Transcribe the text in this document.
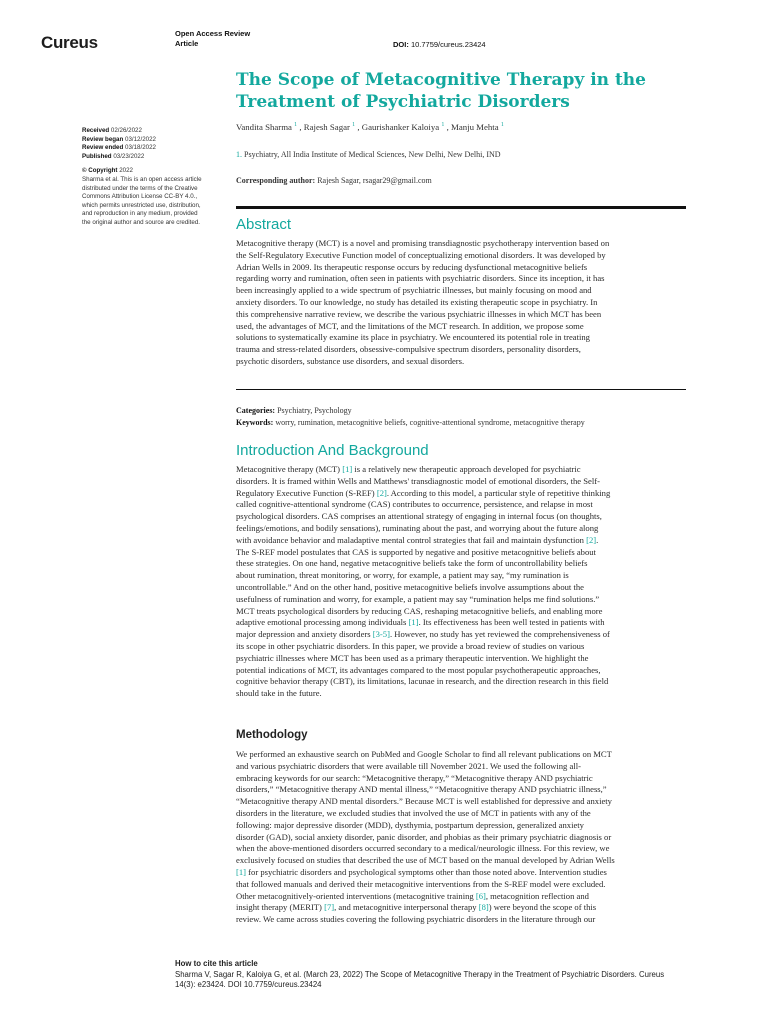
Cureus	Open Access Review
Article	DOI: 10.7759/cureus.23424
Received 02/26/2022
Review began 03/12/2022
Review ended 03/18/2022
Published 03/23/2022
© Copyright 2022
Sharma et al. This is an open access article
distributed under the terms of the Creative
Commons Attribution License CC-BY 4.0.,
which permits unrestricted use, distribution,
and reproduction in any medium, provided
the original author and source are credited.
The Scope of Metacognitive Therapy in the
Treatment of Psychiatric Disorders
Vandita Sharma $^1$ , Rajesh Sagar $^1$ , Gaurishanker Kaloiya $^1$ , Manju Mehta $^1$
1. Psychiatry, All India Institute of Medical Sciences, New Delhi, New Delhi, IND
Corresponding author: Rajesh Sagar, rsagar29@gmail.com
Abstract
Metacognitive therapy (MCT) is a novel and promising transdiagnostic psychotherapy intervention based on
the Self-Regulatory Executive Function model of conceptualizing emotional disorders. It was developed by
Adrian Wells in 2009. Its therapeutic response occurs by reducing dysfunctional metacognitive beliefs
regarding worry and rumination, often seen in patients with psychiatric disorders. Since its inception, it has
been increasingly applied to a wide spectrum of psychiatric illnesses, but mainly focusing on mood and
anxiety disorders. To our knowledge, no study has detailed its existing therapeutic scope in psychiatry. In
this comprehensive narrative review, we describe the various psychiatric illnesses in which MCT has been
used, the advantages of MCT, and the limitations of the MCT research. In addition, we propose some
solutions to systematically examine its place in psychiatry. We encountered its potential role in treating
trauma and stress-related disorders, obsessive-compulsive spectrum disorders, personality disorders,
psychotic disorders, substance use disorders, and sexual disorders.
Categories: Psychiatry, Psychology
Keywords: worry, rumination, metacognitive beliefs, cognitive-attentional syndrome, metacognitive therapy
Introduction And Background
Metacognitive therapy (MCT) [1] is a relatively new therapeutic approach developed for psychiatric
disorders. It is framed within Wells and Matthews' transdiagnostic model of emotional disorders, the Self-
Regulatory Executive Function (S-REF) [2]. According to this model, a particular style of repetitive thinking
called cognitive-attentional syndrome (CAS) contributes to occurrence, persistence, and relapse in most
psychological disorders. CAS comprises an attentional strategy of engaging in internal focus (on thoughts,
feelings/emotions, and bodily sensations), ruminating about the past, and worrying about the future along
with avoidance behavior and maladaptive mental control strategies that fail and maintain dysfunction [2].
The S-REF model postulates that CAS is supported by negative and positive metacognitive beliefs about
these strategies. On one hand, negative metacognitive beliefs take the form of uncontrollability beliefs
about rumination, threat monitoring, or worry, for example, a patient may say, “my rumination is
uncontrollable.” And on the other hand, positive metacognitive beliefs involve assumptions about the
usefulness of rumination and worry, for example, a patient may say “rumination helps me find solutions.”
MCT treats psychological disorders by reducing CAS, reshaping metacognitive beliefs, and enabling more
adaptive emotional processing among individuals [1]. Its effectiveness has been well tested in patients with
major depression and anxiety disorders [3-5]. However, no study has yet reviewed the comprehensiveness of
its scope in other psychiatric disorders. In this paper, we provide a broad review of studies on various
psychiatric illnesses where MCT has been used as a primary therapeutic intervention. We highlight the
potential indications of MCT, its advantages compared to the most popular psychotherapeutic approaches,
cognitive behavior therapy (CBT), its limitations, lacunae in research, and the direction research in this field
should take in the future.
Methodology
We performed an exhaustive search on PubMed and Google Scholar to find all relevant publications on MCT
and various psychiatric disorders that were available till November 2021. We used the following all-
embracing keywords for our search: “Metacognitive therapy,” “Metacognitive therapy AND psychiatric
disorders,” “Metacognitive therapy AND mental illness,” “Metacognitive therapy AND psychiatric illness,”
“Metacognitive therapy AND mental disorders.” Because MCT is well established for depressive and anxiety
disorders in the literature, we excluded studies that involved the use of MCT in patients with any of the
following: major depressive disorder (MDD), dysthymia, postpartum depression, generalized anxiety
disorder (GAD), social anxiety disorder, panic disorder, and phobias as their primary psychiatric diagnosis or
when the above-mentioned disorders occurred secondary to a medical/neurologic illness. For this review, we
exclusively focused on studies that described the use of MCT based on the manual developed by Adrian Wells
[1] for psychiatric disorders and psychological symptoms other than those noted above. Intervention studies
that followed manuals and derived their metacognitive interventions from the S-REF model were excluded.
Other metacognitively-oriented interventions (metacognitive training [6], metacognition reflection and
insight therapy (MERIT) [7], and metacognitive interpersonal therapy [8]) were beyond the scope of this
review. We came across studies covering the following psychiatric disorders in the literature through our
How to cite this article
Sharma V, Sagar R, Kaloiya G, et al. (March 23, 2022) The Scope of Metacognitive Therapy in the Treatment of Psychiatric Disorders. Cureus
14(3): e23424. DOI 10.7759/cureus.23424
